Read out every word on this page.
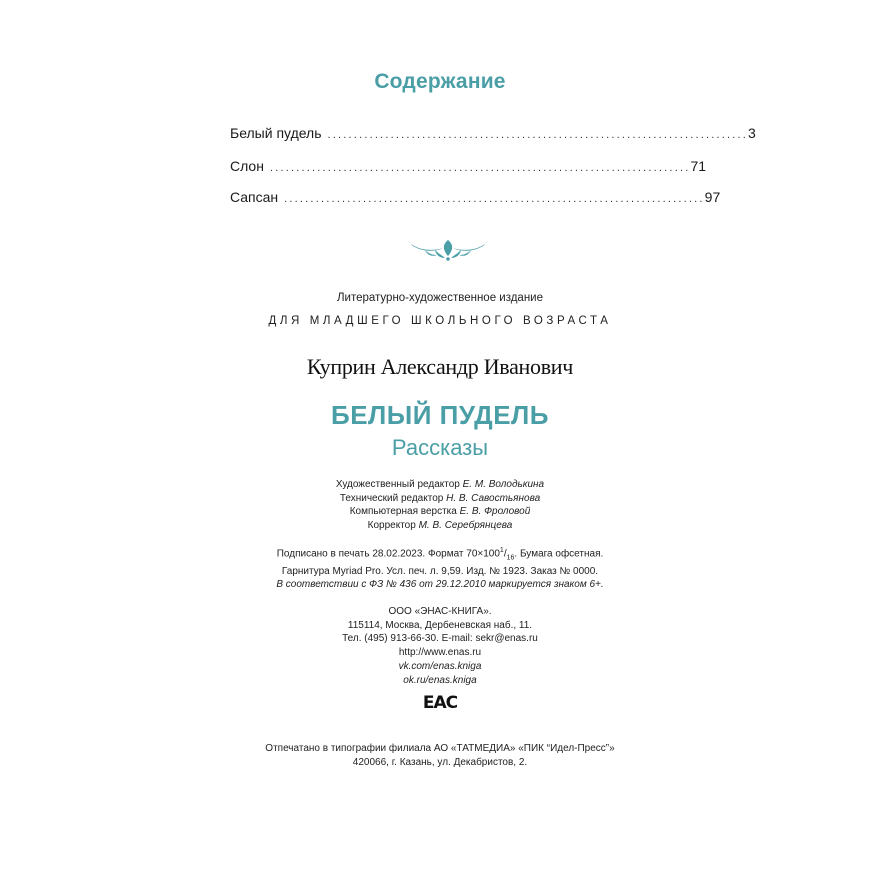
Содержание
Белый пудель ................................................................................ 3
Слон ................................................................................ 71
Сапсан ................................................................................ 97
Литературно-художественное издание
ДЛЯ МЛАДШЕГО ШКОЛЬНОГО ВОЗРАСТА
Куприн Александр Иванович
БЕЛЫЙ ПУДЕЛЬ
Рассказы
Художественный редактор Е. М. Володькина
Технический редактор Н. В. Савостьянова
Компьютерная верстка Е. В. Фроловой
Корректор М. В. Серебрянцева
Подписано в печать 28.02.2023. Формат $70\times 100^1/_{16}$. Бумага офсетная.
Гарнитура Myriad Pro. Усл. печ. л. 9,59. Изд. № 1923. Заказ № 0000.
В соответствии с ФЗ № 436 от 29.12.2010 маркируется знаком 6+.
ООО «ЭНАС-КНИГА».
115114, Москва, Дербеневская наб., 11.
Тел. (495) 913-66-30. E-mail: sekr@enas.ru
http://www.enas.ru
vk.com/enas.kniga
ok.ru/enas.kniga
EAC
Отпечатано в типографии филиала АО «ТАТМЕДИА» «ПИК “Идел-Пресс”»
420066, г. Казань, ул. Декабристов, 2.
